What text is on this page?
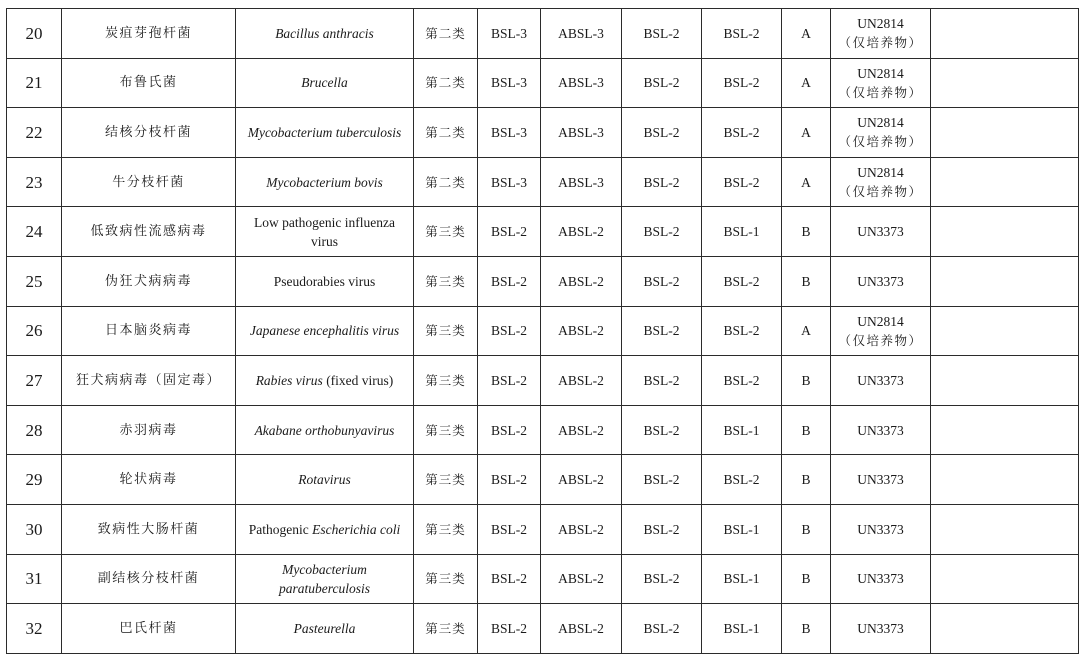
20	炭疽芽孢杆菌	Bacillus anthracis	第二类	BSL-3	ABSL-3	BSL-2	BSL-2	A	UN2814
（仅培养物）	

21	布鲁氏菌	Brucella	第二类	BSL-3	ABSL-3	BSL-2	BSL-2	A	UN2814
（仅培养物）	

22	结核分枝杆菌	Mycobacterium tuberculosis	第二类	BSL-3	ABSL-3	BSL-2	BSL-2	A	UN2814
（仅培养物）	

23	牛分枝杆菌	Mycobacterium bovis	第二类	BSL-3	ABSL-3	BSL-2	BSL-2	A	UN2814
（仅培养物）	

24	低致病性流感病毒	Low pathogenic influenza
virus	第三类	BSL-2	ABSL-2	BSL-2	BSL-1	B	UN3373	

25	伪狂犬病病毒	Pseudorabies virus	第三类	BSL-2	ABSL-2	BSL-2	BSL-2	B	UN3373	

26	日本脑炎病毒	Japanese encephalitis virus	第三类	BSL-2	ABSL-2	BSL-2	BSL-2	A	UN2814
（仅培养物）	

27	狂犬病病毒（固定毒）	Rabies virus (fixed virus)	第三类	BSL-2	ABSL-2	BSL-2	BSL-2	B	UN3373	

28	赤羽病毒	Akabane orthobunyavirus	第三类	BSL-2	ABSL-2	BSL-2	BSL-1	B	UN3373	

29	轮状病毒	Rotavirus	第三类	BSL-2	ABSL-2	BSL-2	BSL-2	B	UN3373	

30	致病性大肠杆菌	Pathogenic Escherichia coli	第三类	BSL-2	ABSL-2	BSL-2	BSL-1	B	UN3373	

31	副结核分枝杆菌	Mycobacterium
paratuberculosis	第三类	BSL-2	ABSL-2	BSL-2	BSL-1	B	UN3373	

32	巴氏杆菌	Pasteurella	第三类	BSL-2	ABSL-2	BSL-2	BSL-1	B	UN3373	
